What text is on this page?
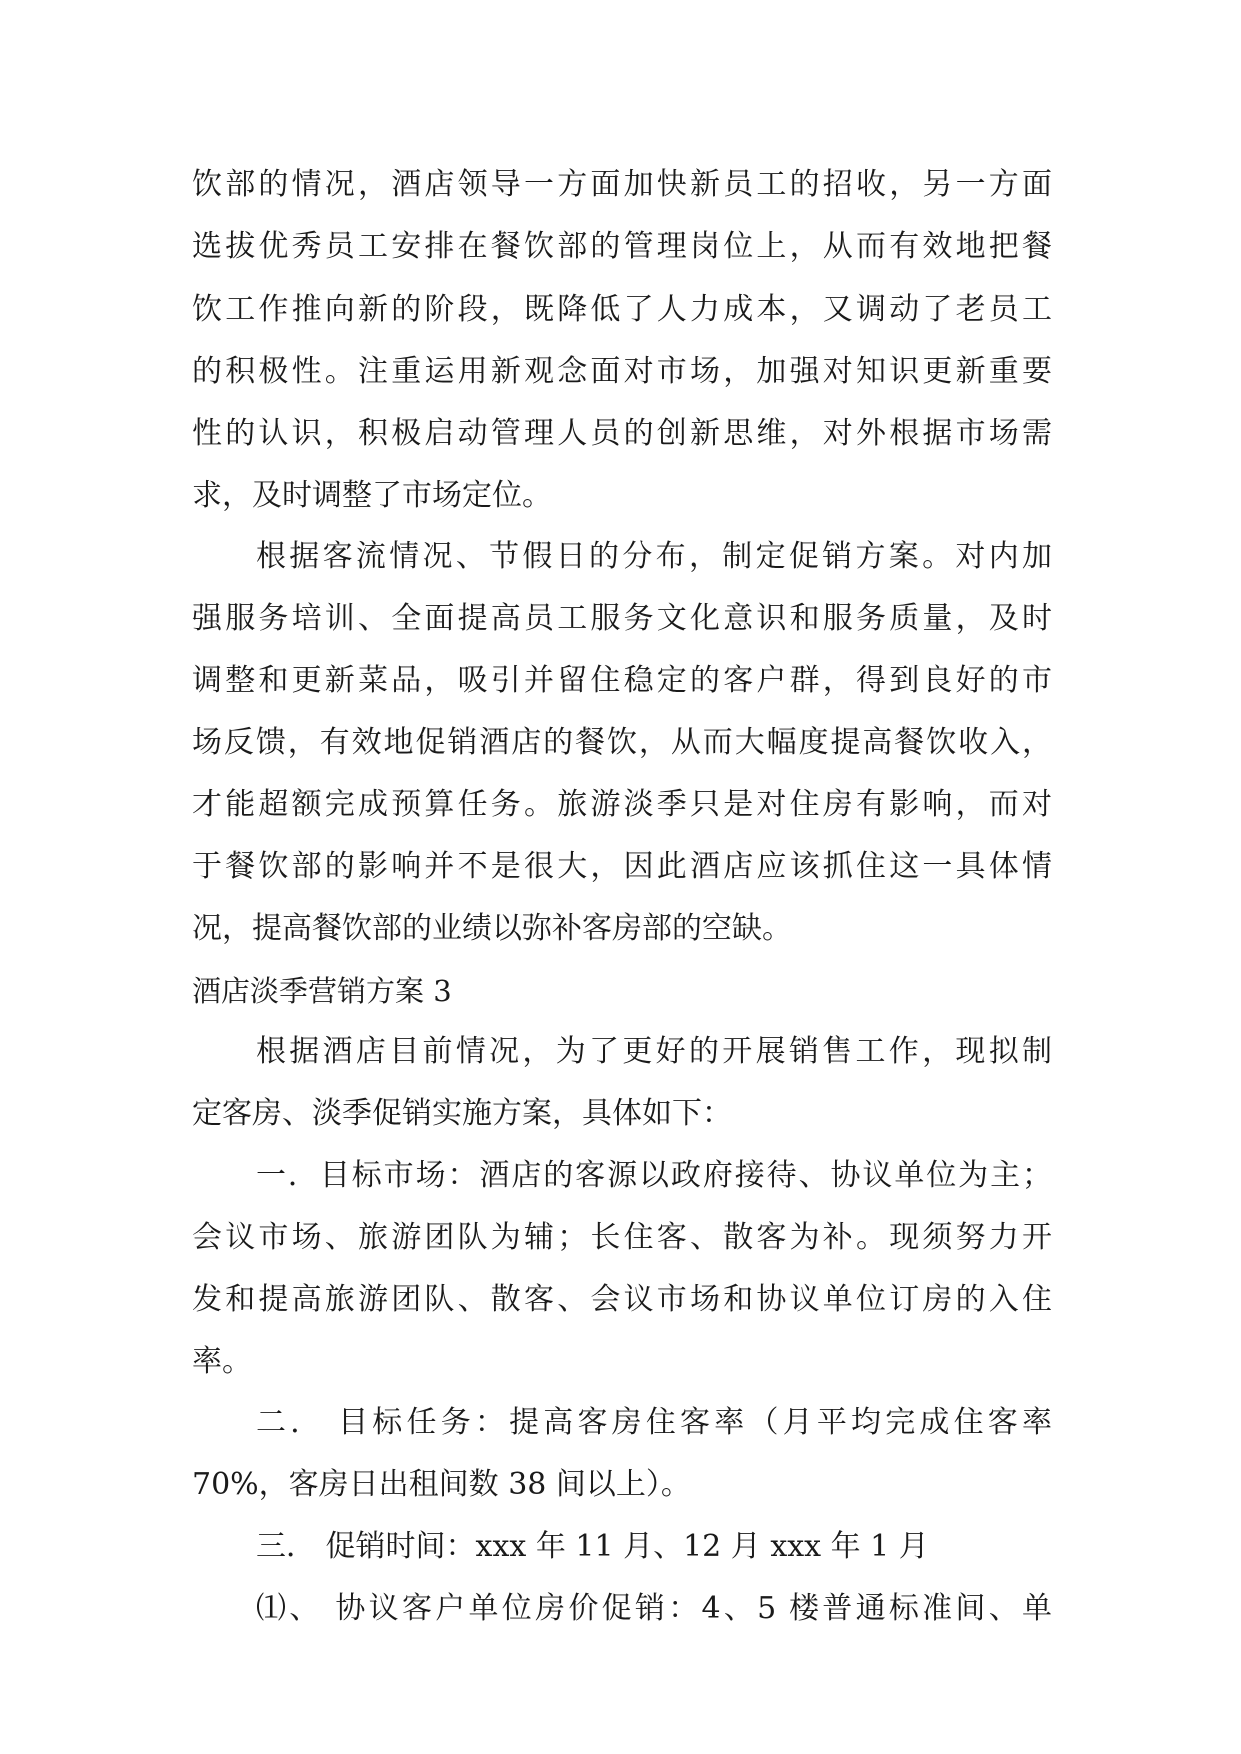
饮部的情况，酒店领导一方面加快新员工的招收，另一方面
选拔优秀员工安排在餐饮部的管理岗位上，从而有效地把餐
饮工作推向新的阶段，既降低了人力成本，又调动了老员工
的积极性。注重运用新观念面对市场，加强对知识更新重要
性的认识，积极启动管理人员的创新思维，对外根据市场需
求，及时调整了市场定位。
根据客流情况、节假日的分布，制定促销方案。对内加
强服务培训、全面提高员工服务文化意识和服务质量，及时
调整和更新菜品，吸引并留住稳定的客户群，得到良好的市
场反馈，有效地促销酒店的餐饮，从而大幅度提高餐饮收入，
才能超额完成预算任务。旅游淡季只是对住房有影响，而对
于餐饮部的影响并不是很大，因此酒店应该抓住这一具体情
况，提高餐饮部的业绩以弥补客房部的空缺。
酒店淡季营销方案 3
根据酒店目前情况，为了更好的开展销售工作，现拟制
定客房、淡季促销实施方案，具体如下：
一．目标市场：酒店的客源以政府接待、协议单位为主；
会议市场、旅游团队为辅；长住客、散客为补。现须努力开
发和提高旅游团队、散客、会议市场和协议单位订房的入住
率。
二． 目标任务：提高客房住客率（月平均完成住客率
70%，客房日出租间数 38 间以上）。
三． 促销时间：xxx 年 11 月、12 月 xxx 年 1 月
⑴、 协议客户单位房价促销：4、5 楼普通标准间、单
